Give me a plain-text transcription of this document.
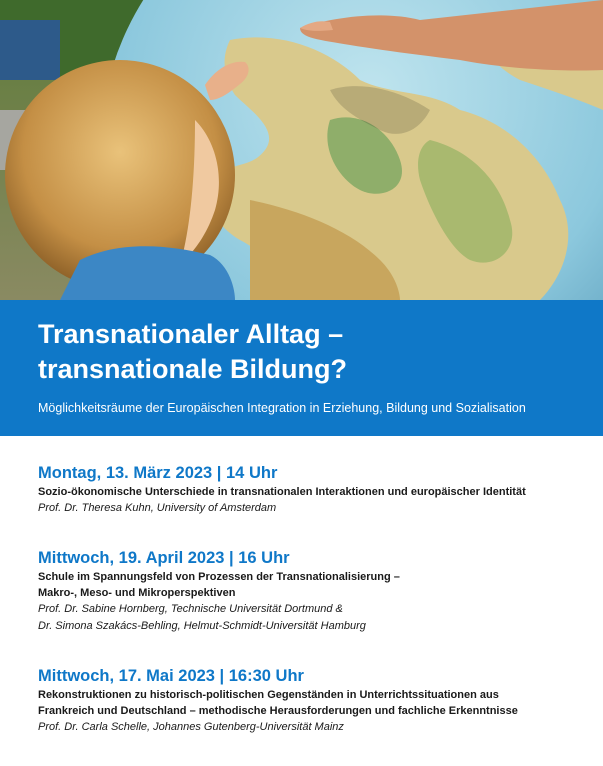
Transnationaler Alltag –
transnationale Bildung?
Möglichkeitsräume der Europäischen Integration in Erziehung, Bildung und Sozialisation
Montag, 13. März 2023 | 14 Uhr
Sozio-ökonomische Unterschiede in transnationalen Interaktionen und europäischer Identität
Prof. Dr. Theresa Kuhn, University of Amsterdam
Mittwoch, 19. April 2023 | 16 Uhr
Schule im Spannungsfeld von Prozessen der Transnationalisierung –
Makro-, Meso- und Mikroperspektiven
Prof. Dr. Sabine Hornberg, Technische Universität Dortmund &
Dr. Simona Szakács-Behling, Helmut-Schmidt-Universität Hamburg
Mittwoch, 17. Mai 2023 | 16:30 Uhr
Rekonstruktionen zu historisch-politischen Gegenständen in Unterrichtssituationen aus
Frankreich und Deutschland – methodische Herausforderungen und fachliche Erkenntnisse
Prof. Dr. Carla Schelle, Johannes Gutenberg-Universität Mainz
